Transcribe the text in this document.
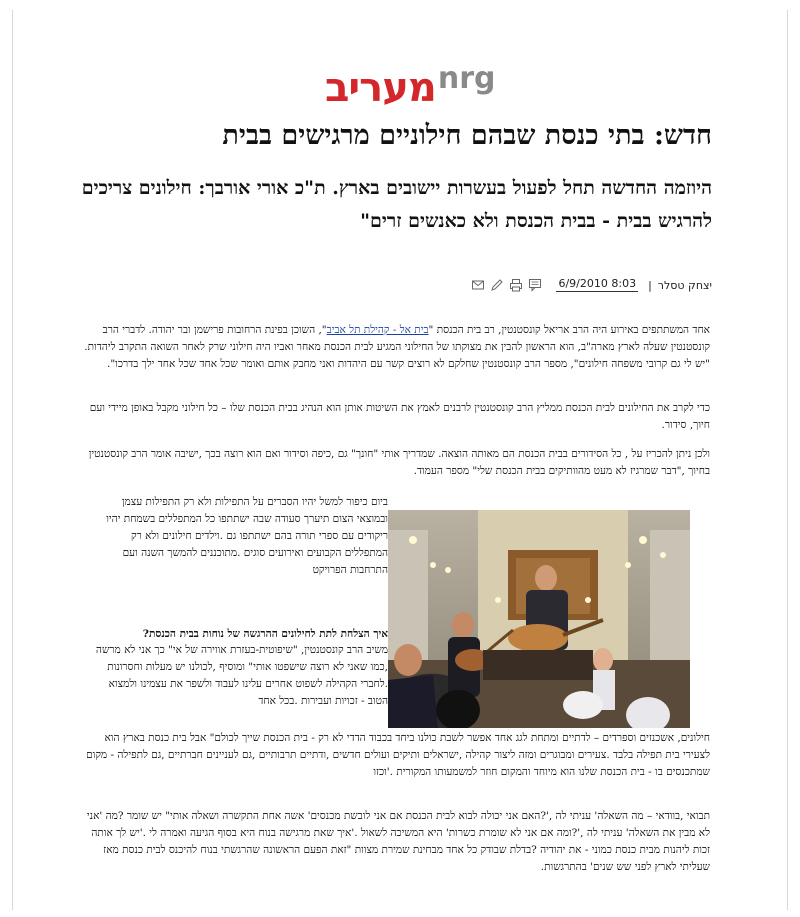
מעריב nrg
חדש: בתי כנסת שבהם חילוניים מרגישים בבית
היוזמה החדשה תחל לפעול בעשרות יישובים בארץ. ת"כ אורי אורבך: חילונים צריכים להרגיש בבית - בבית הכנסת ולא כאנשים זרים"
יצחק טסלר
|
8:03 6/9/2010

אחד המשתתפים באירוע היה הרב אריאל קונסטנטין, רב בית הכנסת "בית אל - קהילת תל אביב", השוכן בפינת הרחובות פרישמן ובר יהודה. לדברי הרב קונסטנטין שעלה לארץ מארה"ב, הוא הראשון להבין את מצוקתו של החילוני המגיע לבית הכנסת מאחר ואביו היה חילוני שרק לאחר השואה התקרב ליהדות. "יש לי גם קרובי משפחה חילונים", מספר הרב קונסטנטין שחלקם לא רוצים קשר עם היהדות ואני מחבק אותם ואומר שכל אחד שכל אחד ילך בדרכו".

כדי לקרב את החילונים לבית הכנסת ממליץ הרב קונסטנטין לרבנים לאמץ את השיטות אותן הוא הנהיג בבית הכנסת שלו – כל חילוני מקבל באופן מיידי ועם חיוך, סידור.

ולכן ניתן להכריז על , כל הסידורים בבית הכנסת הם מאותה הוצאה. שמדריך אותי "חונך" גם ,כיפה וסידור ואם הוא רוצה בכך ,ישיבה אומר הרב קונסטנטין בחיוך ,"דבר שמרגיז לא מעט מהוותיקים בבית הכנסת שלי" מספר העמוד.

ביום כיפור למשל יהיו הסברים על התפילות ולא רק התפילות עצמן ובמוצאי הצום תיערך סעודה שבה ישתתפו כל המתפללים בשמחת יהיו ריקודים עם ספרי תורה בהם ישתתפו גם .וילדים חילונים ולא רק המתפללים הקבועים ואירועים סוגים .מתוכננים להמשך השנה ועם התרחבות הפרויקט

איך הצלחת לתת לחילונים ההרגשה של נוחות בבית הכנסת?

משיב הרב קונסטנטין, "שיפוטית-בעזרת אווירה של אי" כך אני לא מרשה ,כמו שאני לא רוצה שישפטו אותי" ומוסיף ,לכולנו יש מעלות וחסרונות .לחברי הקהילה לשפוט אחרים עלינו לעבוד ולשפר את עצמינו ולמצוא הטוב - זכויות ועבירות .בכל אחד

חילונים, אשכנזים וספרדים – לדתיים ומתחת לגג אחד אפשר לשבת כולנו ביחד בכבוד הדדי לא רק - בית הכנסת שייך לכולם" אבל בית כנסת בארץ הוא לצעירי בית תפילה בלבד .צעירים ומבוגרים ומזה ליצור קהילה ,ישראלים ותיקים ועולים חדשים ,ודתיים תרבותיים ,גם לעניינים חברתיים ,גם לתפילה - מקום שמתכנסים בו - בית הכנסת שלנו הוא מיוחד והמקום חוזר למשמעותו המקורית .'וכזו

תבואי ,בוודאי – מה השאלה' עניתי לה ,'?האם אני יכולה לבוא לבית הכנסת אם אני לובשת מכנסים' אשה אחת התקשרה ושאלה אותי" יש שומר ?מה 'אני לא מבין את השאלה' עניתי לה ,'?ומה אם אני לא שומרת כשרות' היא המשיכה לשאול .'איך שאת מרגישה בנוח היא בסוף הגיעה ואמרה לי .'יש לך אותה זכות ליהנות מבית כנסת כמוני - את יהודיה ?בדלת שבודק כל אחד מבחינת שמירת מצוות "זאת הפעם הראשונה שהרגשתי בנוח להיכנס לבית כנסת מאז שעליתי לארץ לפני שש שנים' בהתרגשות.
